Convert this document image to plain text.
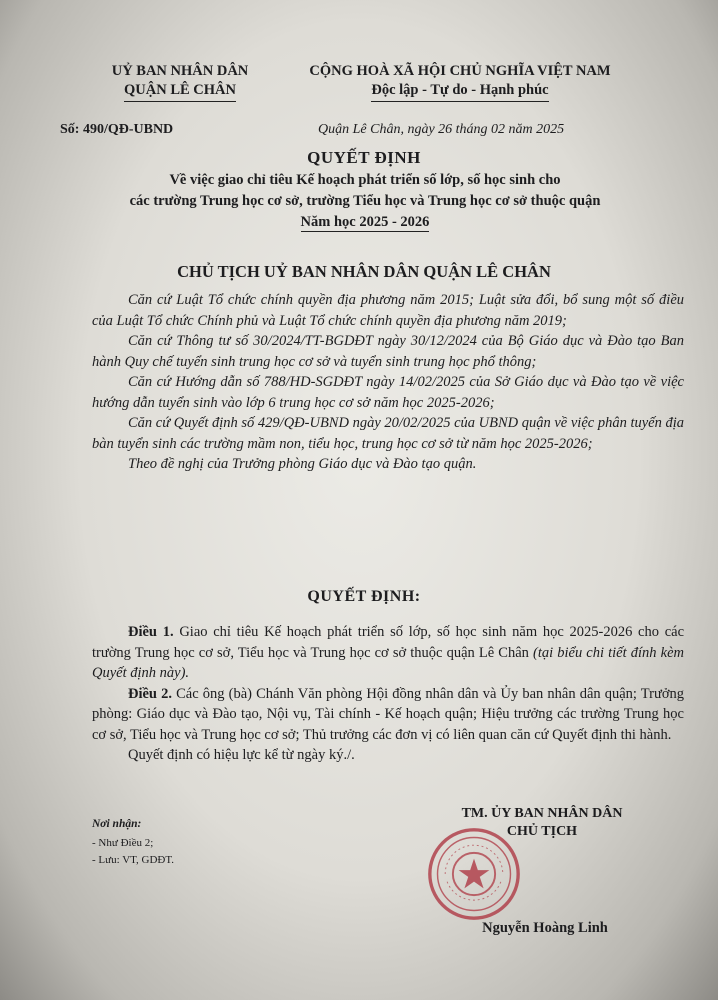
UỶ BAN NHÂN DÂN
QUẬN LÊ CHÂN
CỘNG HOÀ XÃ HỘI CHỦ NGHĨA VIỆT NAM
Độc lập - Tự do - Hạnh phúc
Số: 490/QĐ-UBND	Quận Lê Chân, ngày 26 tháng 02 năm 2025
QUYẾT ĐỊNH
Về việc giao chỉ tiêu Kế hoạch phát triển số lớp, số học sinh cho
các trường Trung học cơ sở, trường Tiểu học và Trung học cơ sở thuộc quận
Năm học 2025 - 2026
CHỦ TỊCH UỶ BAN NHÂN DÂN QUẬN LÊ CHÂN

Căn cứ Luật Tổ chức chính quyền địa phương năm 2015; Luật sửa đổi, bổ sung một số điều của Luật Tổ chức Chính phủ và Luật Tổ chức chính quyền địa phương năm 2019;

Căn cứ Thông tư số 30/2024/TT-BGDĐT ngày 30/12/2024 của Bộ Giáo dục và Đào tạo Ban hành Quy chế tuyển sinh trung học cơ sở và tuyển sinh trung học phổ thông;

Căn cứ Hướng dẫn số 788/HD-SGDĐT ngày 14/02/2025 của Sở Giáo dục và Đào tạo về việc hướng dẫn tuyển sinh vào lớp 6 trung học cơ sở năm học 2025-2026;

Căn cứ Quyết định số 429/QĐ-UBND ngày 20/02/2025 của UBND quận về việc phân tuyến địa bàn tuyển sinh các trường mầm non, tiểu học, trung học cơ sở từ năm học 2025-2026;

Theo đề nghị của Trưởng phòng Giáo dục và Đào tạo quận.

QUYẾT ĐỊNH:

Điều 1. Giao chỉ tiêu Kế hoạch phát triển số lớp, số học sinh năm học 2025-2026 cho các trường Trung học cơ sở, Tiểu học và Trung học cơ sở thuộc quận Lê Chân (tại biểu chi tiết đính kèm Quyết định này).

Điều 2. Các ông (bà) Chánh Văn phòng Hội đồng nhân dân và Ủy ban nhân dân quận; Trưởng phòng: Giáo dục và Đào tạo, Nội vụ, Tài chính - Kế hoạch quận; Hiệu trưởng các trường Trung học cơ sở, Tiểu học và Trung học cơ sở; Thủ trưởng các đơn vị có liên quan căn cứ Quyết định thi hành.

Quyết định có hiệu lực kể từ ngày ký./.

Nơi nhận:
- Như Điều 2;
- Lưu: VT, GDĐT.
TM. ỦY BAN NHÂN DÂN
CHỦ TỊCH
Nguyễn Hoàng Linh
